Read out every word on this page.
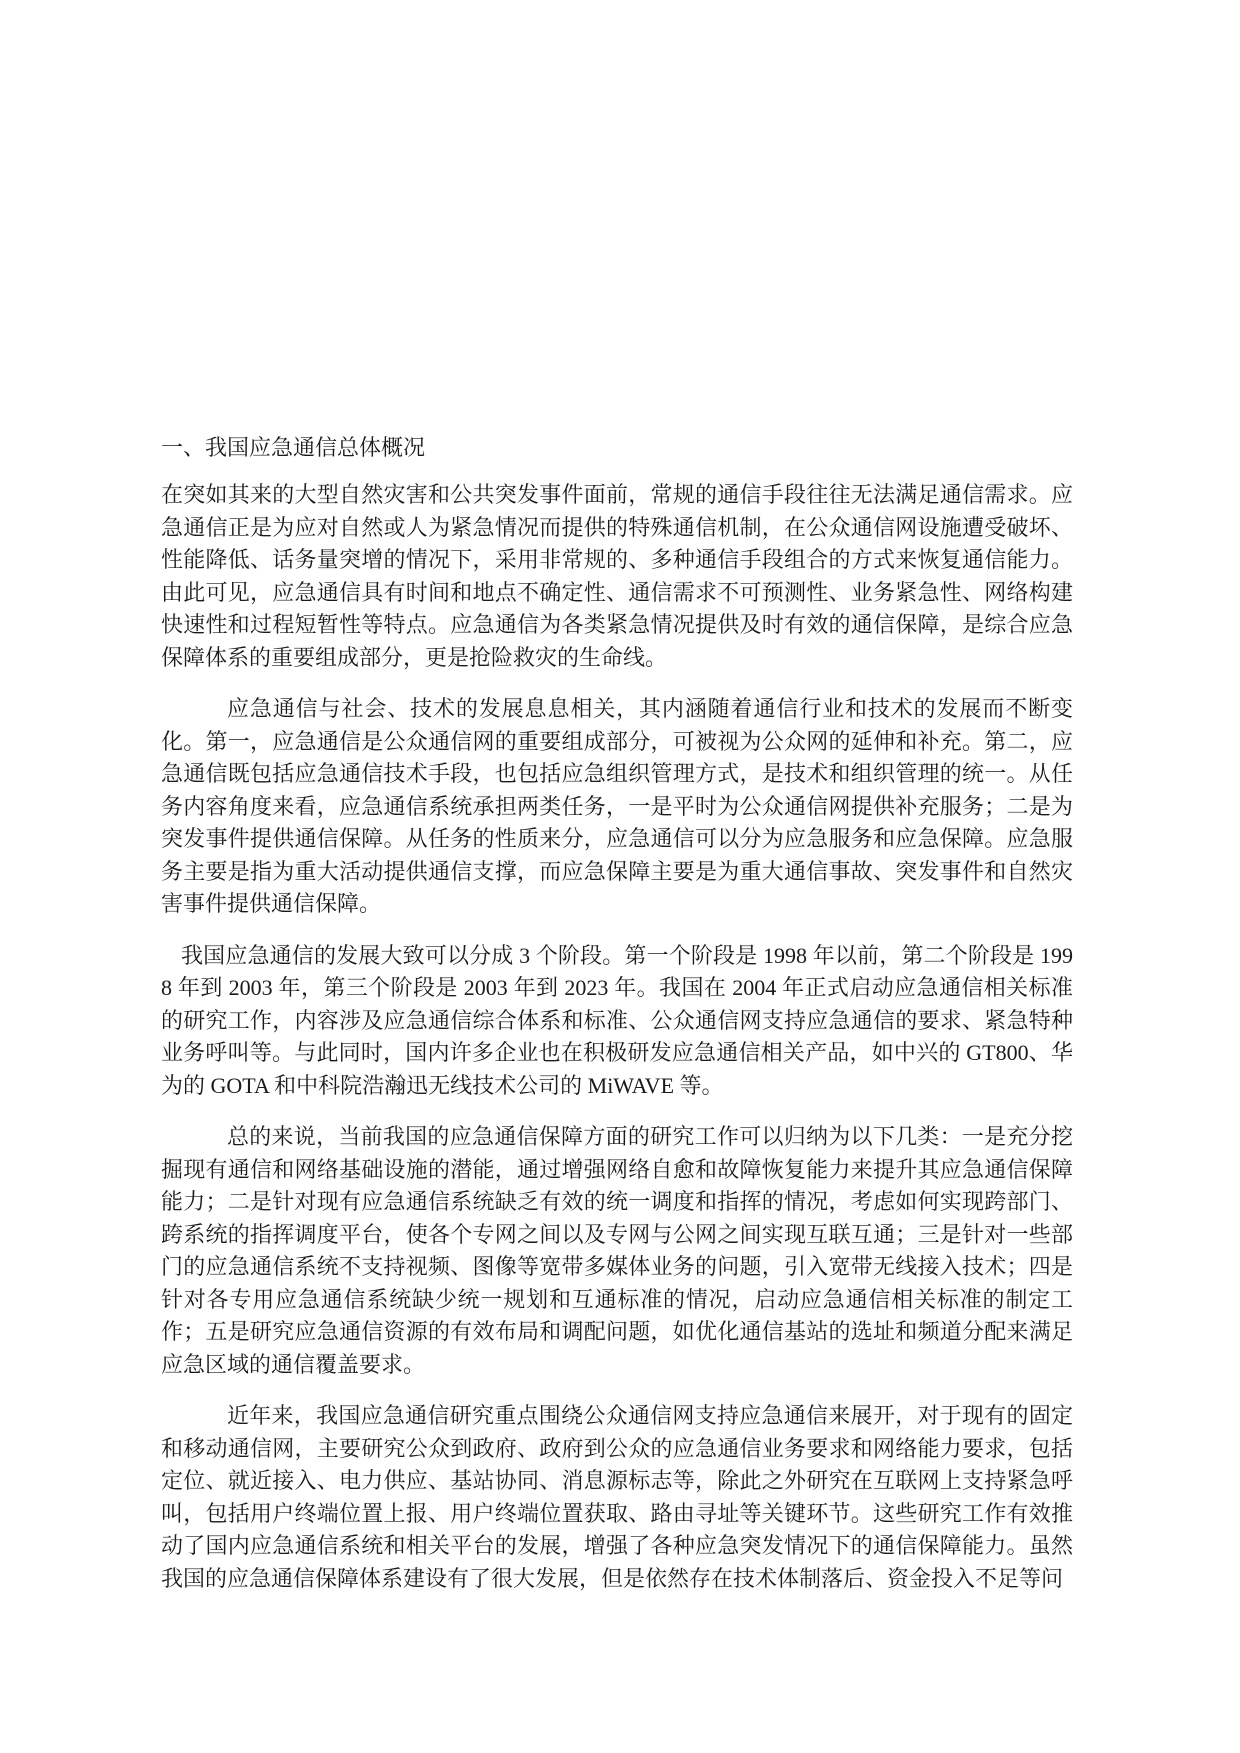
一、我国应急通信总体概况

在突如其来的大型自然灾害和公共突发事件面前，常规的通信手段往往无法满足通信需求。应急通信正是为应对自然或人为紧急情况而提供的特殊通信机制，在公众通信网设施遭受破坏、性能降低、话务量突增的情况下，采用非常规的、多种通信手段组合的方式来恢复通信能力。由此可见，应急通信具有时间和地点不确定性、通信需求不可预测性、业务紧急性、网络构建快速性和过程短暂性等特点。应急通信为各类紧急情况提供及时有效的通信保障，是综合应急保障体系的重要组成部分，更是抢险救灾的生命线。

应急通信与社会、技术的发展息息相关，其内涵随着通信行业和技术的发展而不断变化。第一，应急通信是公众通信网的重要组成部分，可被视为公众网的延伸和补充。第二，应急通信既包括应急通信技术手段，也包括应急组织管理方式，是技术和组织管理的统一。从任务内容角度来看，应急通信系统承担两类任务，一是平时为公众通信网提供补充服务；二是为突发事件提供通信保障。从任务的性质来分，应急通信可以分为应急服务和应急保障。应急服务主要是指为重大活动提供通信支撑，而应急保障主要是为重大通信事故、突发事件和自然灾害事件提供通信保障。

我国应急通信的发展大致可以分成 3 个阶段。第一个阶段是 1998 年以前，第二个阶段是 1998 年到 2003 年，第三个阶段是 2003 年到 2023 年。我国在 2004 年正式启动应急通信相关标准的研究工作，内容涉及应急通信综合体系和标准、公众通信网支持应急通信的要求、紧急特种业务呼叫等。与此同时，国内许多企业也在积极研发应急通信相关产品，如中兴的 GT800、华为的 GOTA 和中科院浩瀚迅无线技术公司的 MiWAVE 等。

总的来说，当前我国的应急通信保障方面的研究工作可以归纳为以下几类：一是充分挖掘现有通信和网络基础设施的潜能，通过增强网络自愈和故障恢复能力来提升其应急通信保障能力；二是针对现有应急通信系统缺乏有效的统一调度和指挥的情况，考虑如何实现跨部门、跨系统的指挥调度平台，使各个专网之间以及专网与公网之间实现互联互通；三是针对一些部门的应急通信系统不支持视频、图像等宽带多媒体业务的问题，引入宽带无线接入技术；四是针对各专用应急通信系统缺少统一规划和互通标准的情况，启动应急通信相关标准的制定工作；五是研究应急通信资源的有效布局和调配问题，如优化通信基站的选址和频道分配来满足应急区域的通信覆盖要求。

近年来，我国应急通信研究重点围绕公众通信网支持应急通信来展开，对于现有的固定和移动通信网，主要研究公众到政府、政府到公众的应急通信业务要求和网络能力要求，包括定位、就近接入、电力供应、基站协同、消息源标志等，除此之外研究在互联网上支持紧急呼叫，包括用户终端位置上报、用户终端位置获取、路由寻址等关键环节。这些研究工作有效推动了国内应急通信系统和相关平台的发展，增强了各种应急突发情况下的通信保障能力。虽然我国的应急通信保障体系建设有了很大发展，但是依然存在技术体制落后、资金投入不足等问
